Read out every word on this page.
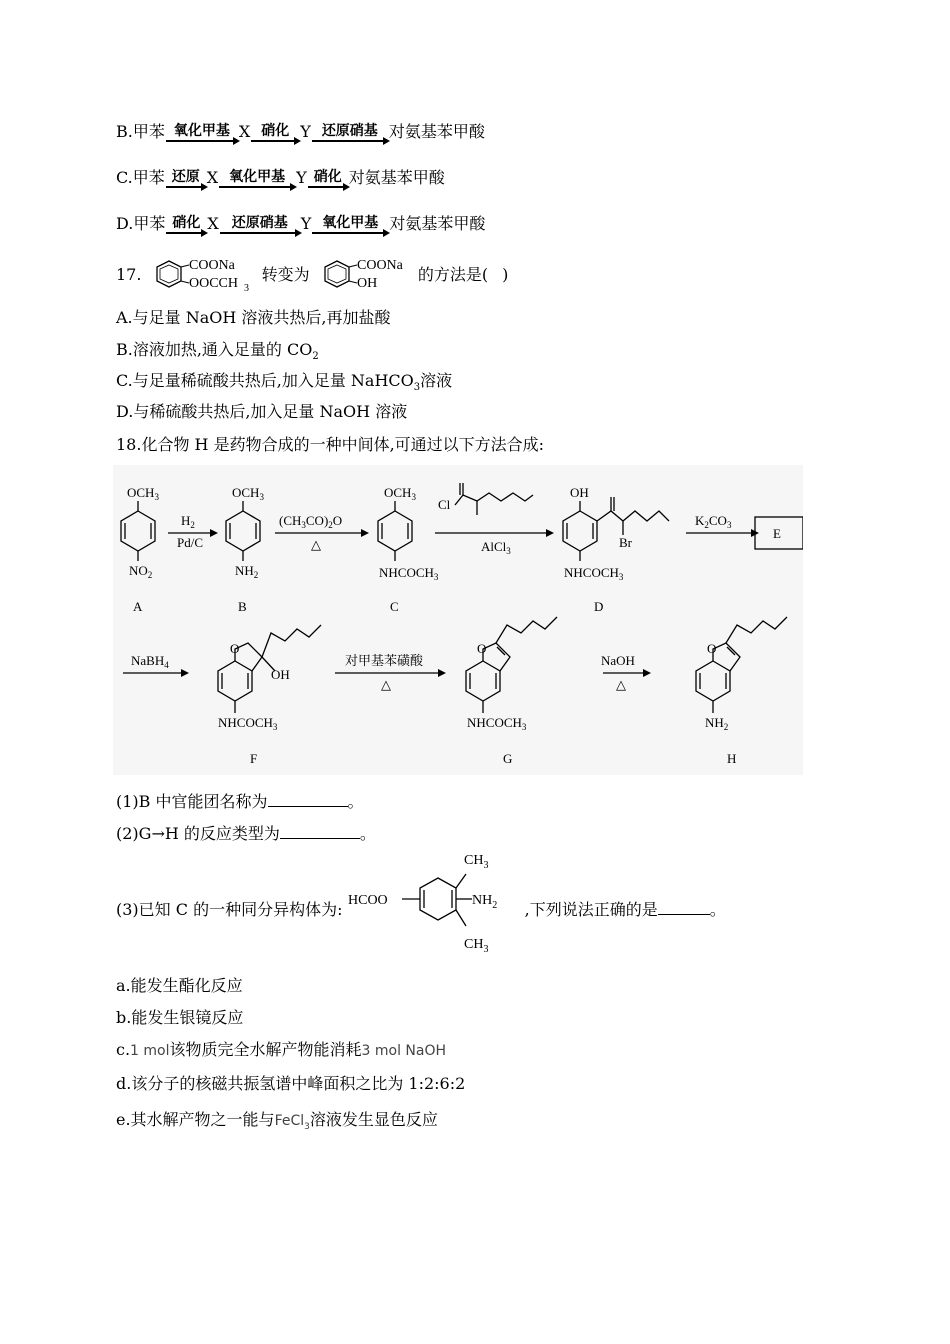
B.甲苯 氧化甲基 X 硝化 Y 还原硝基 对氨基苯甲酸
C.甲苯 还原 X 氧化甲基 Y 硝化 对氨基苯甲酸
D.甲苯 硝化 X 还原硝基 Y 氧化甲基 对氨基苯甲酸
17.	COONa
OOCCH 3
转变为	COONa
OH	的方法是( )
A.与足量 NaOH 溶液共热后,再加盐酸
B.溶液加热,通入足量的 $CO_2$
C.与足量稀硫酸共热后,加入足量 NaHCO$_3$溶液
D.与稀硫酸共热后,加入足量 NaOH 溶液
18.化合物 H 是药物合成的一种中间体,可通过以下方法合成:
$OCH_3$
$NO_2$
A
$H_2$
Pd/C
$OCH_3$
$NH_2$
B
$(CH_3CO)_2O$
△
$OCH_3$
$NHCOCH_3$
C
Cl
AlCl$_3$
OH
Br
$NHCOCH_3$
D
$K_2CO_3$
E
NaBH$_4$
O
OH
$NHCOCH_3$
F
对甲基苯磺酸
△
O
$NHCOCH_3$
G
NaOH
△
O
$NH_2$
H
(1)B 中官能团名称为	。
(2)G→H 的反应类型为	。
(3)已知 C 的一种同分异构体为: HCOO	$NH_2$
$CH_3$
$CH_3$
,下列说法正确的是	。
a.能发生酯化反应
b.能发生银镜反应
c.1 mol该物质完全水解产物能消耗3 mol NaOH
d.该分子的核磁共振氢谱中峰面积之比为 1:2:6:2
e.其水解产物之一能与FeCl$_3$溶液发生显色反应
